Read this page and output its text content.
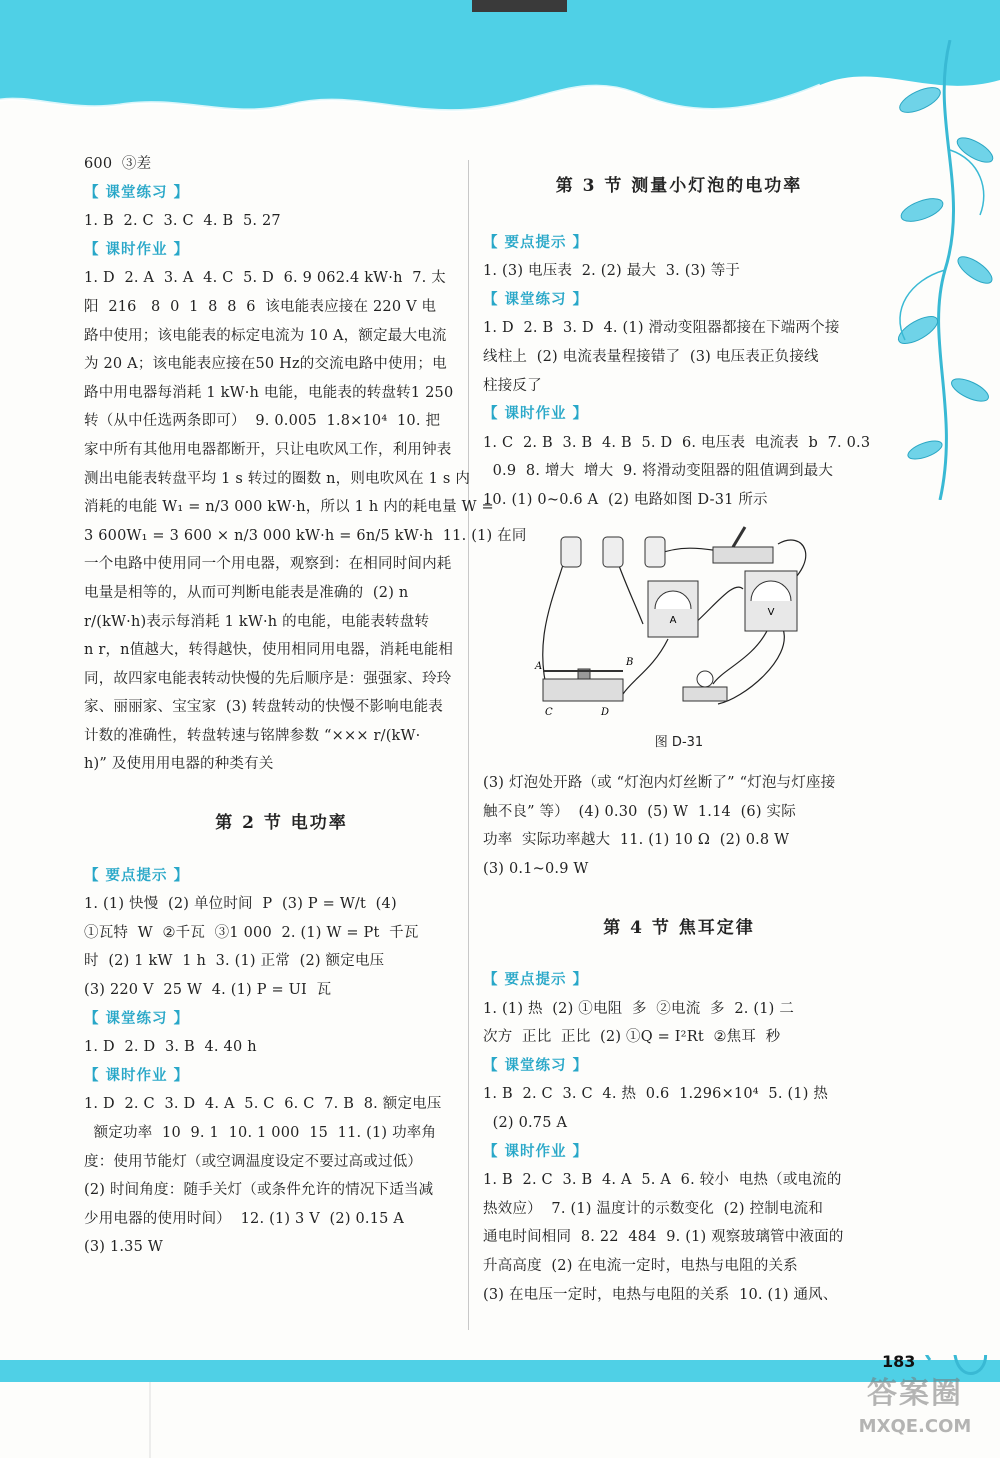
600  ③差
【 课堂练习 】
1. B  2. C  3. C  4. B  5. 27
【 课时作业 】
1. D  2. A  3. A  4. C  5. D  6. 9 062.4 kW·h  7. 太
阳  216   8  0  1  8  8  6  该电能表应接在 220 V 电
路中使用；该电能表的标定电流为 10 A，额定最大电流
为 20 A；该电能表应接在50 Hz的交流电路中使用；电
路中用电器每消耗 1 kW·h 电能，电能表的转盘转1 250
转（从中任选两条即可）  9. 0.005  1.8×10⁴  10. 把
家中所有其他用电器都断开，只让电吹风工作，利用钟表
测出电能表转盘平均 1 s 转过的圈数 n，则电吹风在 1 s 内
消耗的电能 W₁ = n/3 000 kW·h，所以 1 h 内的耗电量 W =
3 600W₁ = 3 600 × n/3 000 kW·h = 6n/5 kW·h  11. (1) 在同
一个电路中使用同一个用电器，观察到：在相同时间内耗
电量是相等的，从而可判断电能表是准确的  (2) n
r/(kW·h)表示每消耗 1 kW·h 的电能，电能表转盘转
n r，n值越大，转得越快，使用相同用电器，消耗电能相
同，故四家电能表转动快慢的先后顺序是：强强家、玲玲
家、丽丽家、宝宝家  (3) 转盘转动的快慢不影响电能表
计数的准确性，转盘转速与铭牌参数 “××× r/(kW·
h)” 及使用用电器的种类有关
第 2 节 电功率
【 要点提示 】
1. (1) 快慢  (2) 单位时间  P  (3) P = W/t  (4)
①瓦特  W  ②千瓦  ③1 000  2. (1) W = Pt  千瓦
时  (2) 1 kW  1 h  3. (1) 正常  (2) 额定电压
(3) 220 V  25 W  4. (1) P = UI  瓦
【 课堂练习 】
1. D  2. D  3. B  4. 40 h
【 课时作业 】
1. D  2. C  3. D  4. A  5. C  6. C  7. B  8. 额定电压
额定功率  10  9. 1  10. 1 000  15  11. (1) 功率角
度：使用节能灯（或空调温度设定不要过高或过低）
(2) 时间角度：随手关灯（或条件允许的情况下适当减
少用电器的使用时间）  12. (1) 3 V  (2) 0.15 A
(3) 1.35 W
第 3 节 测量小灯泡的电功率
【 要点提示 】
1. (3) 电压表  2. (2) 最大  3. (3) 等于
【 课堂练习 】
1. D  2. B  3. D  4. (1) 滑动变阻器都接在下端两个接
线柱上  (2) 电流表量程接错了  (3) 电压表正负接线
柱接反了
【 课时作业 】
1. C  2. B  3. B  4. B  5. D  6. 电压表  电流表  b  7. 0.3
0.9  8. 增大  增大  9. 将滑动变阻器的阻值调到最大
10. (1) 0~0.6 A  (2) 电路如图 D-31 所示
A
V
A	B
C	D
图 D-31
(3) 灯泡处开路（或 “灯泡内灯丝断了” “灯泡与灯座接
触不良” 等）  (4) 0.30  (5) W  1.14  (6) 实际
功率  实际功率越大  11. (1) 10 Ω  (2) 0.8 W
(3) 0.1~0.9 W
第 4 节 焦耳定律
【 要点提示 】
1. (1) 热  (2) ①电阻  多  ②电流  多  2. (1) 二
次方  正比  正比  (2) ①Q = I²Rt  ②焦耳  秒
【 课堂练习 】
1. B  2. C  3. C  4. 热  0.6  1.296×10⁴  5. (1) 热
(2) 0.75 A
【 课时作业 】
1. B  2. C  3. B  4. A  5. A  6. 较小  电热（或电流的
热效应）  7. (1) 温度计的示数变化  (2) 控制电流和
通电时间相同  8. 22  484  9. (1) 观察玻璃管中液面的
升高高度  (2) 在电流一定时，电热与电阻的关系
(3) 在电压一定时，电热与电阻的关系  10. (1) 通风、
183
答案圈
MXQE.COM
